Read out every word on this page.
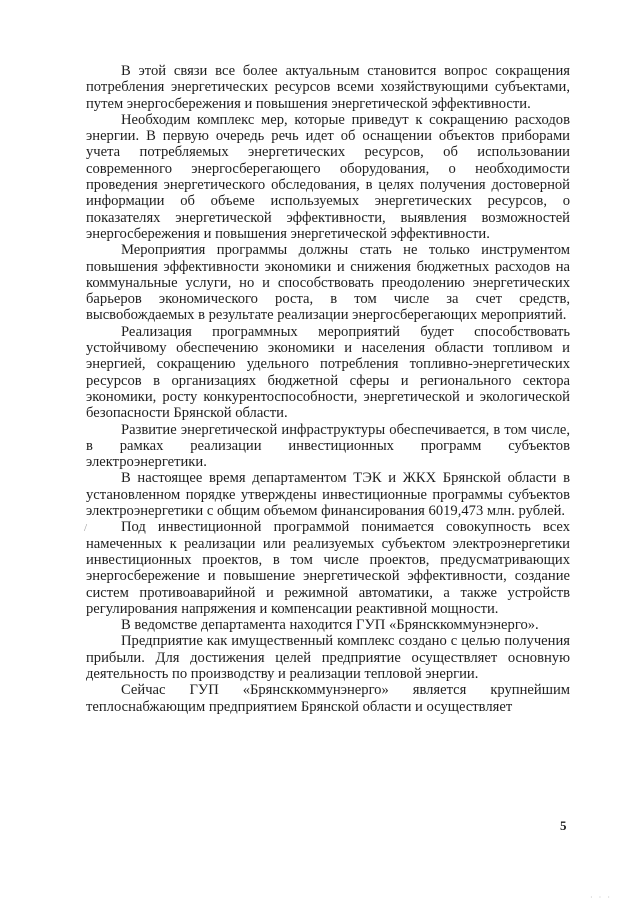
В этой связи все более актуальным становится вопрос сокращения потребления энергетических ресурсов всеми хозяйствующими субъектами, путем энергосбережения и повышения энергетической эффективности.

Необходим комплекс мер, которые приведут к сокращению расходов энергии. В первую очередь речь идет об оснащении объектов приборами учета потребляемых энергетических ресурсов, об использовании современного энергосберегающего оборудования, о необходимости проведения энергетического обследования, в целях получения достоверной информации об объеме используемых энергетических ресурсов, о показателях энергетической эффективности, выявления возможностей энергосбережения и повышения энергетической эффективности.

Мероприятия программы должны стать не только инструментом повышения эффективности экономики и снижения бюджетных расходов на коммунальные услуги, но и способствовать преодолению энергетических барьеров экономического роста, в том числе за счет средств, высвобождаемых в результате реализации энергосберегающих мероприятий.

Реализация программных мероприятий будет способствовать устойчивому обеспечению экономики и населения области топливом и энергией, сокращению удельного потребления топливно-энергетических ресурсов в организациях бюджетной сферы и регионального сектора экономики, росту конкурентоспособности, энергетической и экологической безопасности Брянской области.

Развитие энергетической инфраструктуры обеспечивается, в том числе, в рамках реализации инвестиционных программ субъектов электроэнергетики.

В настоящее время департаментом ТЭК и ЖКХ Брянской области в установленном порядке утверждены инвестиционные программы субъектов электроэнергетики с общим объемом финансирования 6019,473 млн. рублей.

Под инвестиционной программой понимается совокупность всех намеченных к реализации или реализуемых субъектом электроэнергетики инвестиционных проектов, в том числе проектов, предусматривающих энергосбережение и повышение энергетической эффективности, создание систем противоаварийной и режимной автоматики, а также устройств регулирования напряжения и компенсации реактивной мощности.

В ведомстве департамента находится ГУП «Брянсккоммунэнерго».

Предприятие как имущественный комплекс создано с целью получения прибыли. Для достижения целей предприятие осуществляет основную деятельность по производству и реализации тепловой энергии.

Сейчас ГУП «Брянсккоммунэнерго» является крупнейшим теплоснабжающим предприятием Брянской области и осуществляет

/
5
· · ·
